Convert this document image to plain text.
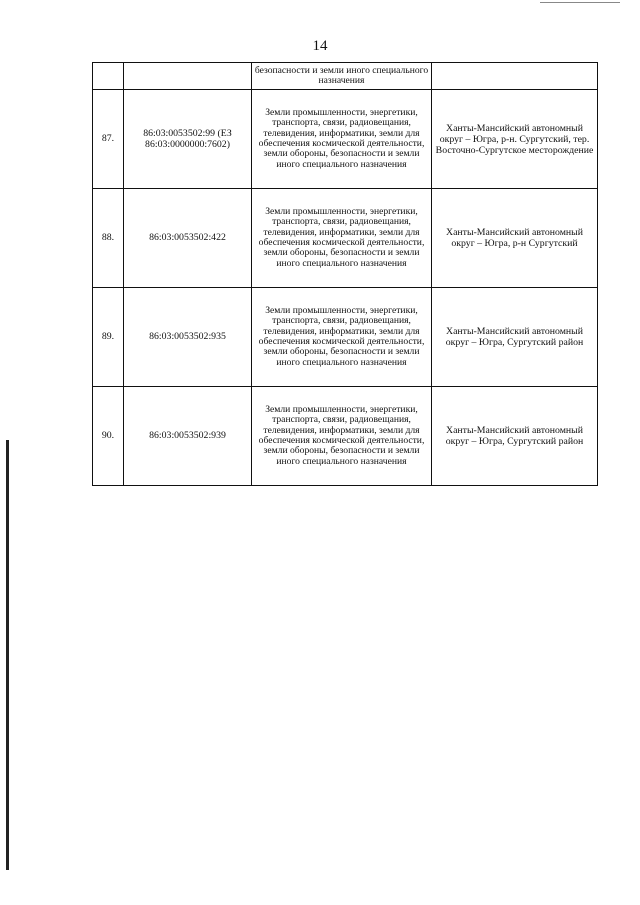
14
		безопасности и земли иного специального назначения	
87.	86:03:0053502:99 (ЕЗ 86:03:0000000:7602)	Земли промышленности, энергетики, транспорта, связи, радиовещания, телевидения, информатики, земли для обеспечения космической деятельности, земли обороны, безопасности и земли иного специального назначения	Ханты-Мансийский автономный округ – Югра, р-н. Сургутский, тер. Восточно-Сургутское месторождение
88.	86:03:0053502:422	Земли промышленности, энергетики, транспорта, связи, радиовещания, телевидения, информатики, земли для обеспечения космической деятельности, земли обороны, безопасности и земли иного специального назначения	Ханты-Мансийский автономный округ – Югра, р-н Сургутский
89.	86:03:0053502:935	Земли промышленности, энергетики, транспорта, связи, радиовещания, телевидения, информатики, земли для обеспечения космической деятельности, земли обороны, безопасности и земли иного специального назначения	Ханты-Мансийский автономный округ – Югра, Сургутский район
90.	86:03:0053502:939	Земли промышленности, энергетики, транспорта, связи, радиовещания, телевидения, информатики, земли для обеспечения космической деятельности, земли обороны, безопасности и земли иного специального назначения	Ханты-Мансийский автономный округ – Югра, Сургутский район
